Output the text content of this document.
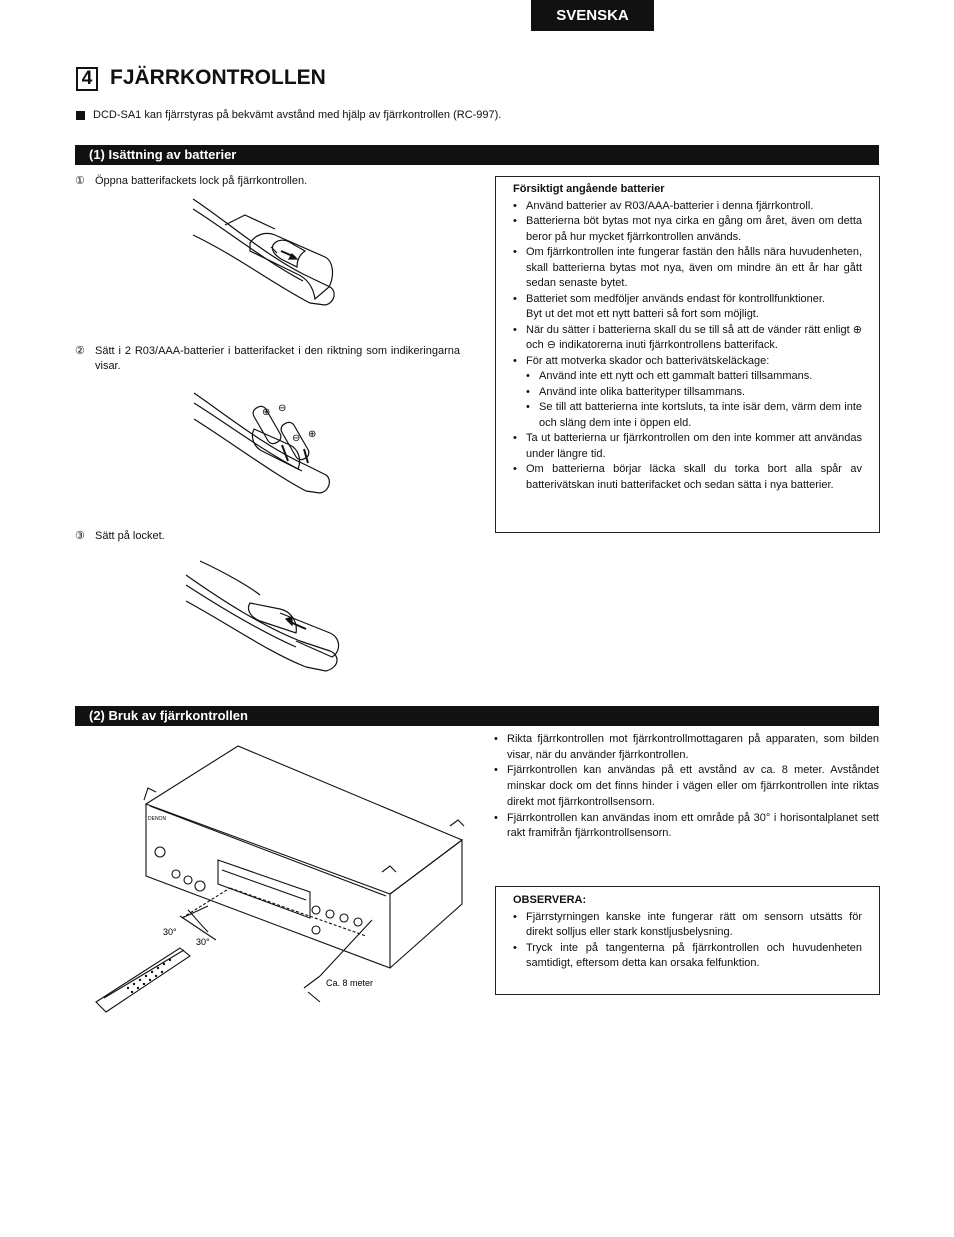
SVENSKA
4 FJÄRRKONTROLLEN
DCD-SA1 kan fjärrstyras på bekvämt avstånd med hjälp av fjärrkontrollen (RC-997).
(1) Isättning av batterier
① Öppna batterifackets lock på fjärrkontrollen.
② Sätt i 2 R03/AAA-batterier i batterifacket i den riktning som indikeringarna visar.
⊕ ⊖
⊖ ⊕
③ Sätt på locket.
Försiktigt angående batterier
• Använd batterier av R03/AAA-batterier i denna fjärrkontroll.
• Batterierna böt bytas mot nya cirka en gång om året, även om detta beror på hur mycket fjärrkontrollen används.
• Om fjärrkontrollen inte fungerar fastän den hålls nära huvudenheten, skall batterierna bytas mot nya, även om mindre än ett år har gått sedan senaste bytet.
• Batteriet som medföljer används endast för kontrollfunktioner.
Byt ut det mot ett nytt batteri så fort som möjligt.
• När du sätter i batterierna skall du se till så att de vänder rätt enligt ⊕ och ⊖ indikatorerna inuti fjärrkontrollens batterifack.
• För att motverka skador och batterivätskeläckage:
• Använd inte ett nytt och ett gammalt batteri tillsammans.
• Använd inte olika batterityper tillsammans.
• Se till att batterierna inte kortsluts, ta inte isär dem, värm dem inte och släng dem inte i öppen eld.
• Ta ut batterierna ur fjärrkontrollen om den inte kommer att användas under längre tid.
• Om batterierna börjar läcka skall du torka bort alla spår av batterivätskan inuti batterifacket och sedan sätta i nya batterier.
(2) Bruk av fjärrkontrollen
DENON
30°
30°
Ca. 8 meter
• Rikta fjärrkontrollen mot fjärrkontrollmottagaren på apparaten, som bilden visar, när du använder fjärrkontrollen.
• Fjärrkontrollen kan användas på ett avstånd av ca. 8 meter. Avståndet minskar dock om det finns hinder i vägen eller om fjärrkontrollen inte riktas direkt mot fjärrkontrollsensorn.
• Fjärrkontrollen kan användas inom ett område på 30° i horisontalplanet sett rakt framifrån fjärrkontrollsensorn.
OBSERVERA:
• Fjärrstyrningen kanske inte fungerar rätt om sensorn utsätts för direkt solljus eller stark konstljusbelysning.
• Tryck inte på tangenterna på fjärrkontrollen och huvudenheten samtidigt, eftersom detta kan orsaka felfunktion.
